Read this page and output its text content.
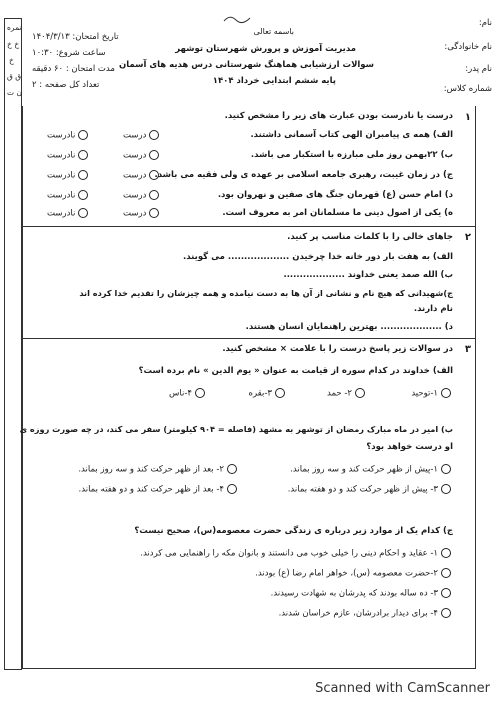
نمره
خ خ
خ
ق ق
ن ت
نام:
نام خانوادگی:
نام پدر:
شماره کلاس:
باسمه تعالی
مدیریت آموزش و پرورش شهرستان توشهر
سوالات ارزشیابی هماهنگ شهرستانی درس هدیه های آسمان
پایه ششم ابتدایی خرداد ۱۴۰۴
تاریخ امتحان: ۱۴۰۴/۳/۱۳
ساعت شروع: ۱۰:۳۰
مدت امتحان : ۶۰ دقیقه
تعداد کل صفحه : ۲
۱
درست یا نادرست بودن عبارت های زیر را مشخص کنید.
الف) همه ی پیامبران الهی کتاب آسمانی داشتند.
درست
نادرست
ب) ۲۲بهمن روز ملی مبارزه با استکبار می باشد.
درست
نادرست
ج) در زمان غیبت، رهبری جامعه اسلامی بر عهده ی ولی فقیه می باشد.
درست
نادرست
د) امام حسن (ع) قهرمان جنگ های صفین و نهروان بود.
درست
نادرست
ه) یکی از اصول دینی ما مسلمانان امر به معروف است.
درست
نادرست
۲
جاهای خالی را با کلمات مناسب پر کنید.
الف) به هفت بار دور خانه خدا چرخیدن ................... می گویند.
ب) الله صمد یعنی خداوند ...................
ج)شهیدانی که هیچ نام و نشانی از آن ها به دست نیامده و همه چیزشان را تقدیم خدا کرده اند
نام دارند.
د) ................... بهترین راهنمایان انسان هستند.
۳
در سوالات زیر پاسخ درست را با علامت × مشخص کنید.
الف) خداوند در کدام سوره از قیامت به عنوان « یوم الدین » نام برده است؟
۱-توحید
۲- حمد
۳-بقره
۴-ناس
ب) امیر در ماه مبارک رمضان از توشهر به مشهد (فاصله = ۹۰۴ کیلومتر) سفر می کند، در چه صورت روزه ی
او درست خواهد بود؟
۱-پیش از ظهر حرکت کند و سه روز بماند.
۲- بعد از ظهر حرکت کند و سه روز بماند.
۳- پیش از ظهر حرکت کند و دو هفته بماند.
۴- بعد از ظهر حرکت کند و دو هفته بماند.
ج) کدام یک از موارد زیر درباره ی زندگی حضرت معصومه(س)، صحیح نیست؟
۱- عقاید و احکام دینی را خیلی خوب می دانستند و بانوان مکه را راهنمایی می کردند.
۲-حضرت معصومه (س)، خواهر امام رضا (ع) بودند.
۳- ده ساله بودند که پدرشان به شهادت رسیدند.
۴- برای دیدار برادرشان، عازم خراسان شدند.
Scanned with CamScanner
